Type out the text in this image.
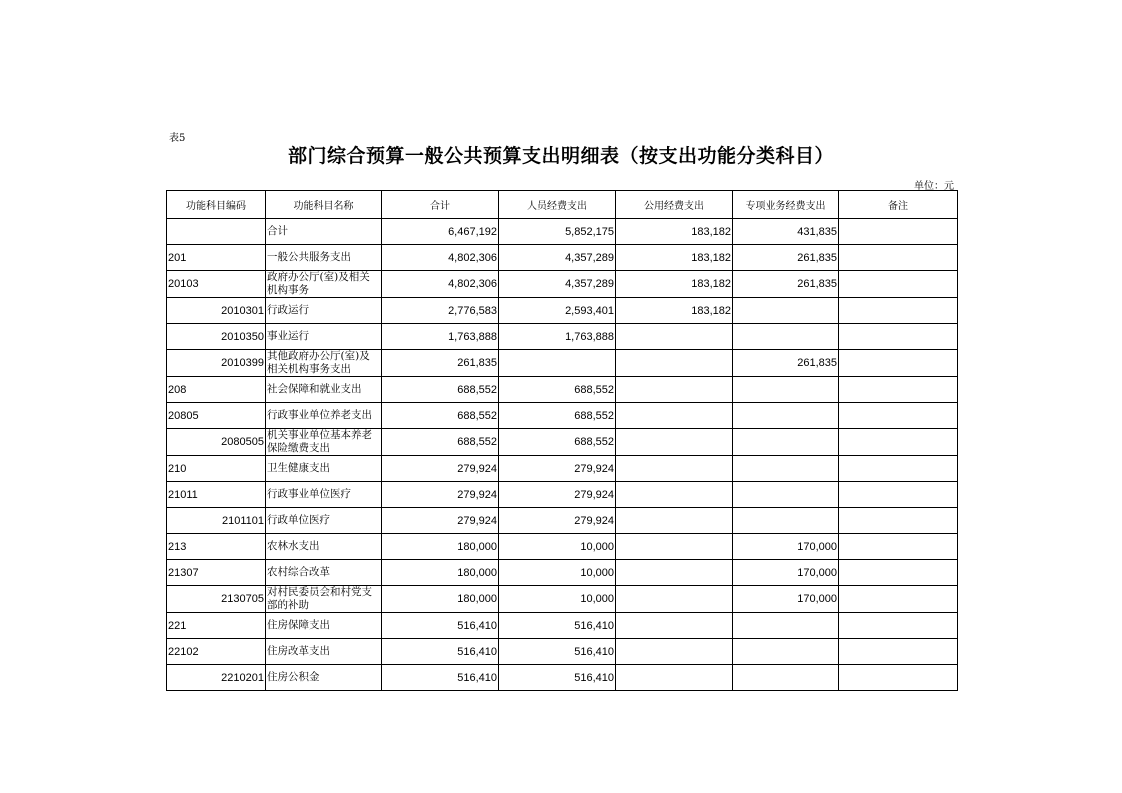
表5
部门综合预算一般公共预算支出明细表（按支出功能分类科目）
单位：元
功能科目编码	功能科目名称	合计	人员经费支出	公用经费支出	专项业务经费支出	备注
	合计	6,467,192	5,852,175	183,182	431,835	
201	一般公共服务支出	4,802,306	4,357,289	183,182	261,835	
20103	政府办公厅(室)及相关机构事务	4,802,306	4,357,289	183,182	261,835	
2010301	行政运行	2,776,583	2,593,401	183,182		
2010350	事业运行	1,763,888	1,763,888			
2010399	其他政府办公厅(室)及相关机构事务支出	261,835			261,835	
208	社会保障和就业支出	688,552	688,552			
20805	行政事业单位养老支出	688,552	688,552			
2080505	机关事业单位基本养老保险缴费支出	688,552	688,552			
210	卫生健康支出	279,924	279,924			
21011	行政事业单位医疗	279,924	279,924			
2101101	行政单位医疗	279,924	279,924			
213	农林水支出	180,000	10,000		170,000	
21307	农村综合改革	180,000	10,000		170,000	
2130705	对村民委员会和村党支部的补助	180,000	10,000		170,000	
221	住房保障支出	516,410	516,410			
22102	住房改革支出	516,410	516,410			
2210201	住房公积金	516,410	516,410			
